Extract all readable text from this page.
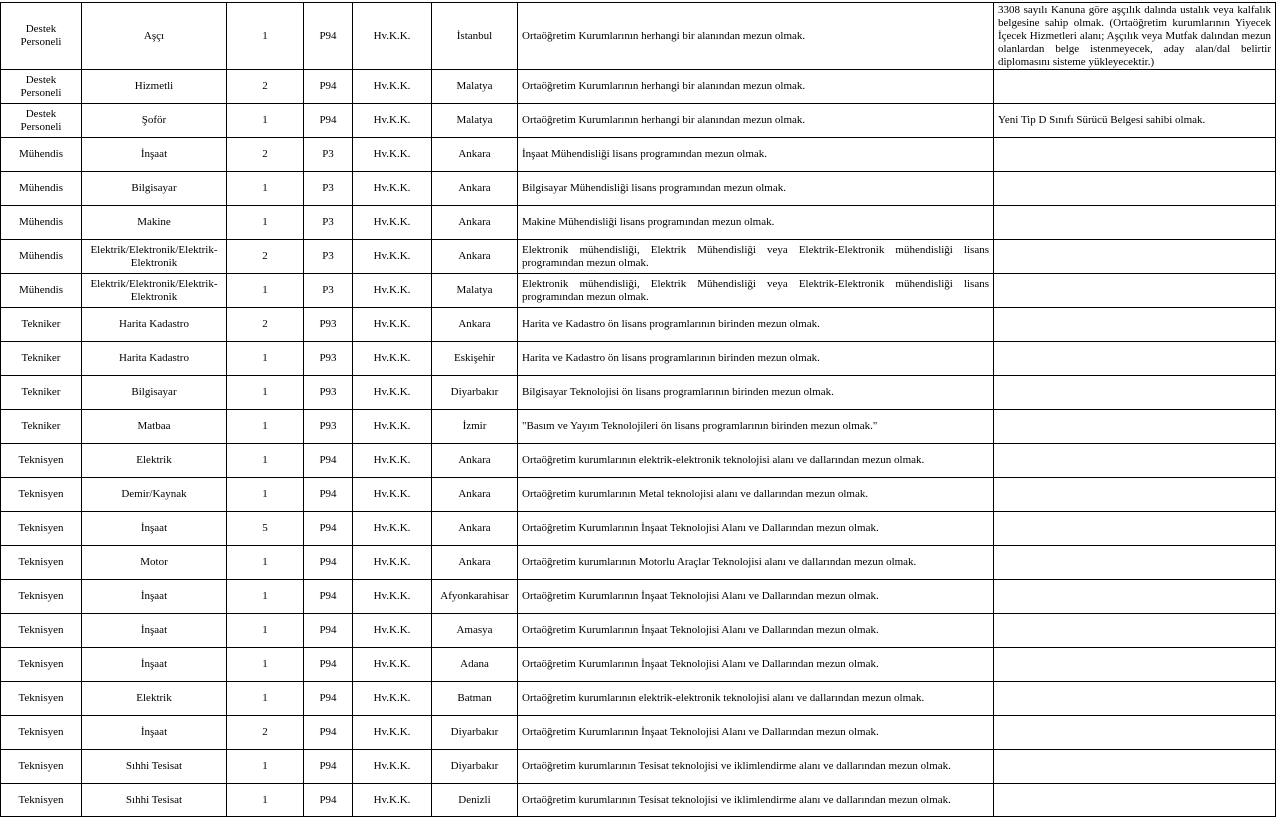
Destek Personeli	Aşçı	1	P94	Hv.K.K.	İstanbul	Ortaöğretim Kurumlarının herhangi bir alanından mezun olmak.	3308 sayılı Kanuna göre aşçılık dalında ustalık veya kalfalık belgesine sahip olmak. (Ortaöğretim kurumlarının Yiyecek İçecek Hizmetleri alanı; Aşçılık veya Mutfak dalından mezun olanlardan belge istenmeyecek, aday alan/dal belirtir diplomasını sisteme yükleyecektir.)
Destek Personeli	Hizmetli	2	P94	Hv.K.K.	Malatya	Ortaöğretim Kurumlarının herhangi bir alanından mezun olmak.	
Destek Personeli	Şoför	1	P94	Hv.K.K.	Malatya	Ortaöğretim Kurumlarının herhangi bir alanından mezun olmak.	Yeni Tip D Sınıfı Sürücü Belgesi sahibi olmak.
Mühendis	İnşaat	2	P3	Hv.K.K.	Ankara	İnşaat Mühendisliği lisans programından mezun olmak.	
Mühendis	Bilgisayar	1	P3	Hv.K.K.	Ankara	Bilgisayar Mühendisliği lisans programından mezun olmak.	
Mühendis	Makine	1	P3	Hv.K.K.	Ankara	Makine Mühendisliği lisans programından mezun olmak.	
Mühendis	Elektrik/Elektronik/Elektrik-Elektronik	2	P3	Hv.K.K.	Ankara	Elektronik mühendisliği, Elektrik Mühendisliği veya Elektrik-Elektronik mühendisliği lisans programından mezun olmak.	
Mühendis	Elektrik/Elektronik/Elektrik-Elektronik	1	P3	Hv.K.K.	Malatya	Elektronik mühendisliği, Elektrik Mühendisliği veya Elektrik-Elektronik mühendisliği lisans programından mezun olmak.	
Tekniker	Harita Kadastro	2	P93	Hv.K.K.	Ankara	Harita ve Kadastro ön lisans programlarının birinden mezun olmak.	
Tekniker	Harita Kadastro	1	P93	Hv.K.K.	Eskişehir	Harita ve Kadastro ön lisans programlarının birinden mezun olmak.	
Tekniker	Bilgisayar	1	P93	Hv.K.K.	Diyarbakır	Bilgisayar Teknolojisi ön lisans programlarının birinden mezun olmak.	
Tekniker	Matbaa	1	P93	Hv.K.K.	İzmir	"Basım ve Yayım Teknolojileri ön lisans programlarının birinden mezun olmak."	
Teknisyen	Elektrik	1	P94	Hv.K.K.	Ankara	Ortaöğretim kurumlarının elektrik-elektronik teknolojisi alanı ve dallarından mezun olmak.	
Teknisyen	Demir/Kaynak	1	P94	Hv.K.K.	Ankara	Ortaöğretim kurumlarının Metal teknolojisi alanı ve dallarından mezun olmak.	
Teknisyen	İnşaat	5	P94	Hv.K.K.	Ankara	Ortaöğretim Kurumlarının İnşaat Teknolojisi Alanı ve Dallarından mezun olmak.	
Teknisyen	Motor	1	P94	Hv.K.K.	Ankara	Ortaöğretim kurumlarının Motorlu Araçlar Teknolojisi alanı ve dallarından mezun olmak.	
Teknisyen	İnşaat	1	P94	Hv.K.K.	Afyonkarahisar	Ortaöğretim Kurumlarının İnşaat Teknolojisi Alanı ve Dallarından mezun olmak.	
Teknisyen	İnşaat	1	P94	Hv.K.K.	Amasya	Ortaöğretim Kurumlarının İnşaat Teknolojisi Alanı ve Dallarından mezun olmak.	
Teknisyen	İnşaat	1	P94	Hv.K.K.	Adana	Ortaöğretim Kurumlarının İnşaat Teknolojisi Alanı ve Dallarından mezun olmak.	
Teknisyen	Elektrik	1	P94	Hv.K.K.	Batman	Ortaöğretim kurumlarının elektrik-elektronik teknolojisi alanı ve dallarından mezun olmak.	
Teknisyen	İnşaat	2	P94	Hv.K.K.	Diyarbakır	Ortaöğretim Kurumlarının İnşaat Teknolojisi Alanı ve Dallarından mezun olmak.	
Teknisyen	Sıhhi Tesisat	1	P94	Hv.K.K.	Diyarbakır	Ortaöğretim kurumlarının Tesisat teknolojisi ve iklimlendirme alanı ve dallarından mezun olmak.	
Teknisyen	Sıhhi Tesisat	1	P94	Hv.K.K.	Denizli	Ortaöğretim kurumlarının Tesisat teknolojisi ve iklimlendirme alanı ve dallarından mezun olmak.	
